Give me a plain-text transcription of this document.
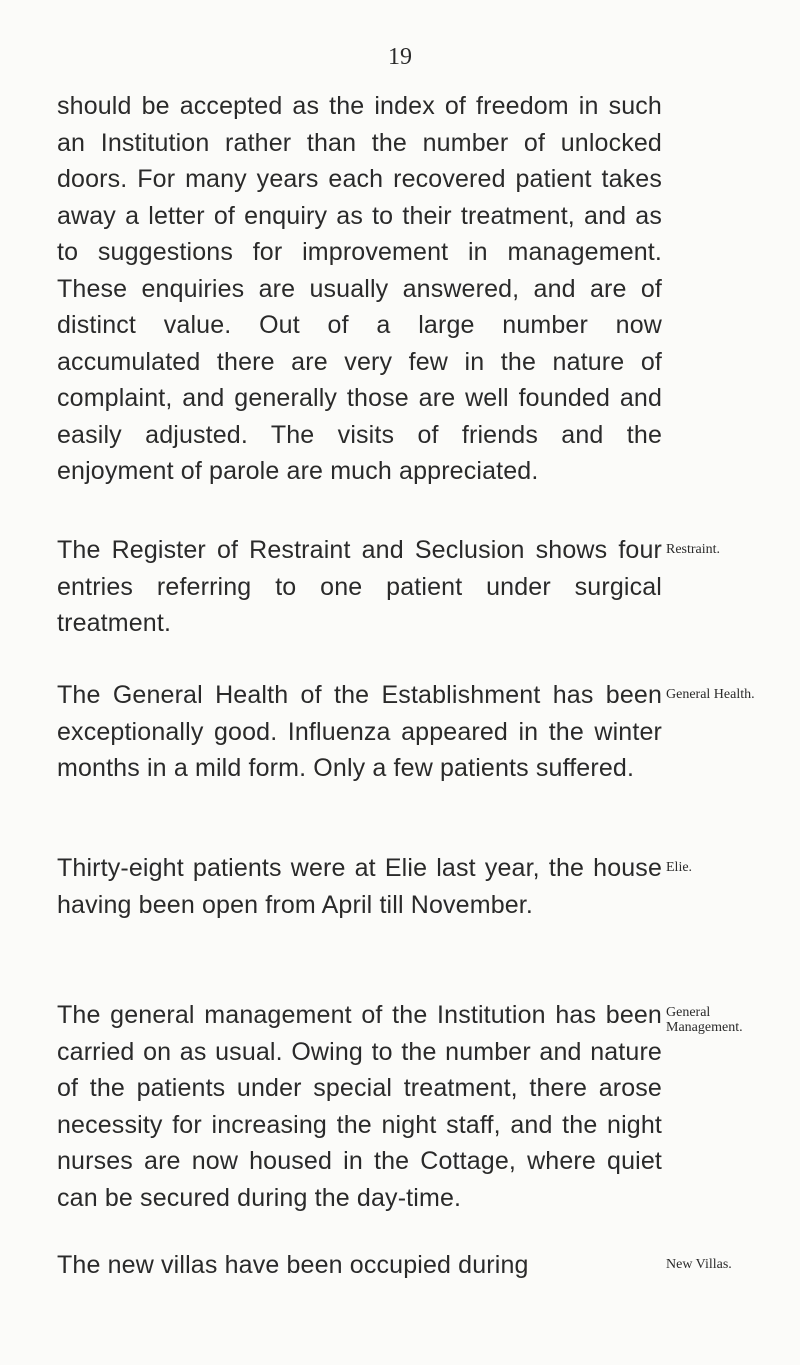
19

should be accepted as the index of freedom in such an Institution rather than the number of unlocked doors. For many years each recovered patient takes away a letter of enquiry as to their treatment, and as to suggestions for improvement in management. These enquiries are usually answered, and are of distinct value. Out of a large number now accumulated there are very few in the nature of complaint, and generally those are well founded and easily adjusted. The visits of friends and the enjoyment of parole are much appreciated.

The Register of Restraint and Seclusion shows four entries referring to one patient under surgical treatment.

Restraint.

The General Health of the Establishment has been exceptionally good. Influenza appeared in the winter months in a mild form. Only a few patients suffered.

General Health.

Thirty-eight patients were at Elie last year, the house having been open from April till November.

Elie.

The general management of the Institution has been carried on as usual. Owing to the number and nature of the patients under special treatment, there arose necessity for increasing the night staff, and the night nurses are now housed in the Cottage, where quiet can be secured during the day-time.

General
Management.

The new villas have been occupied during	New Villas.
